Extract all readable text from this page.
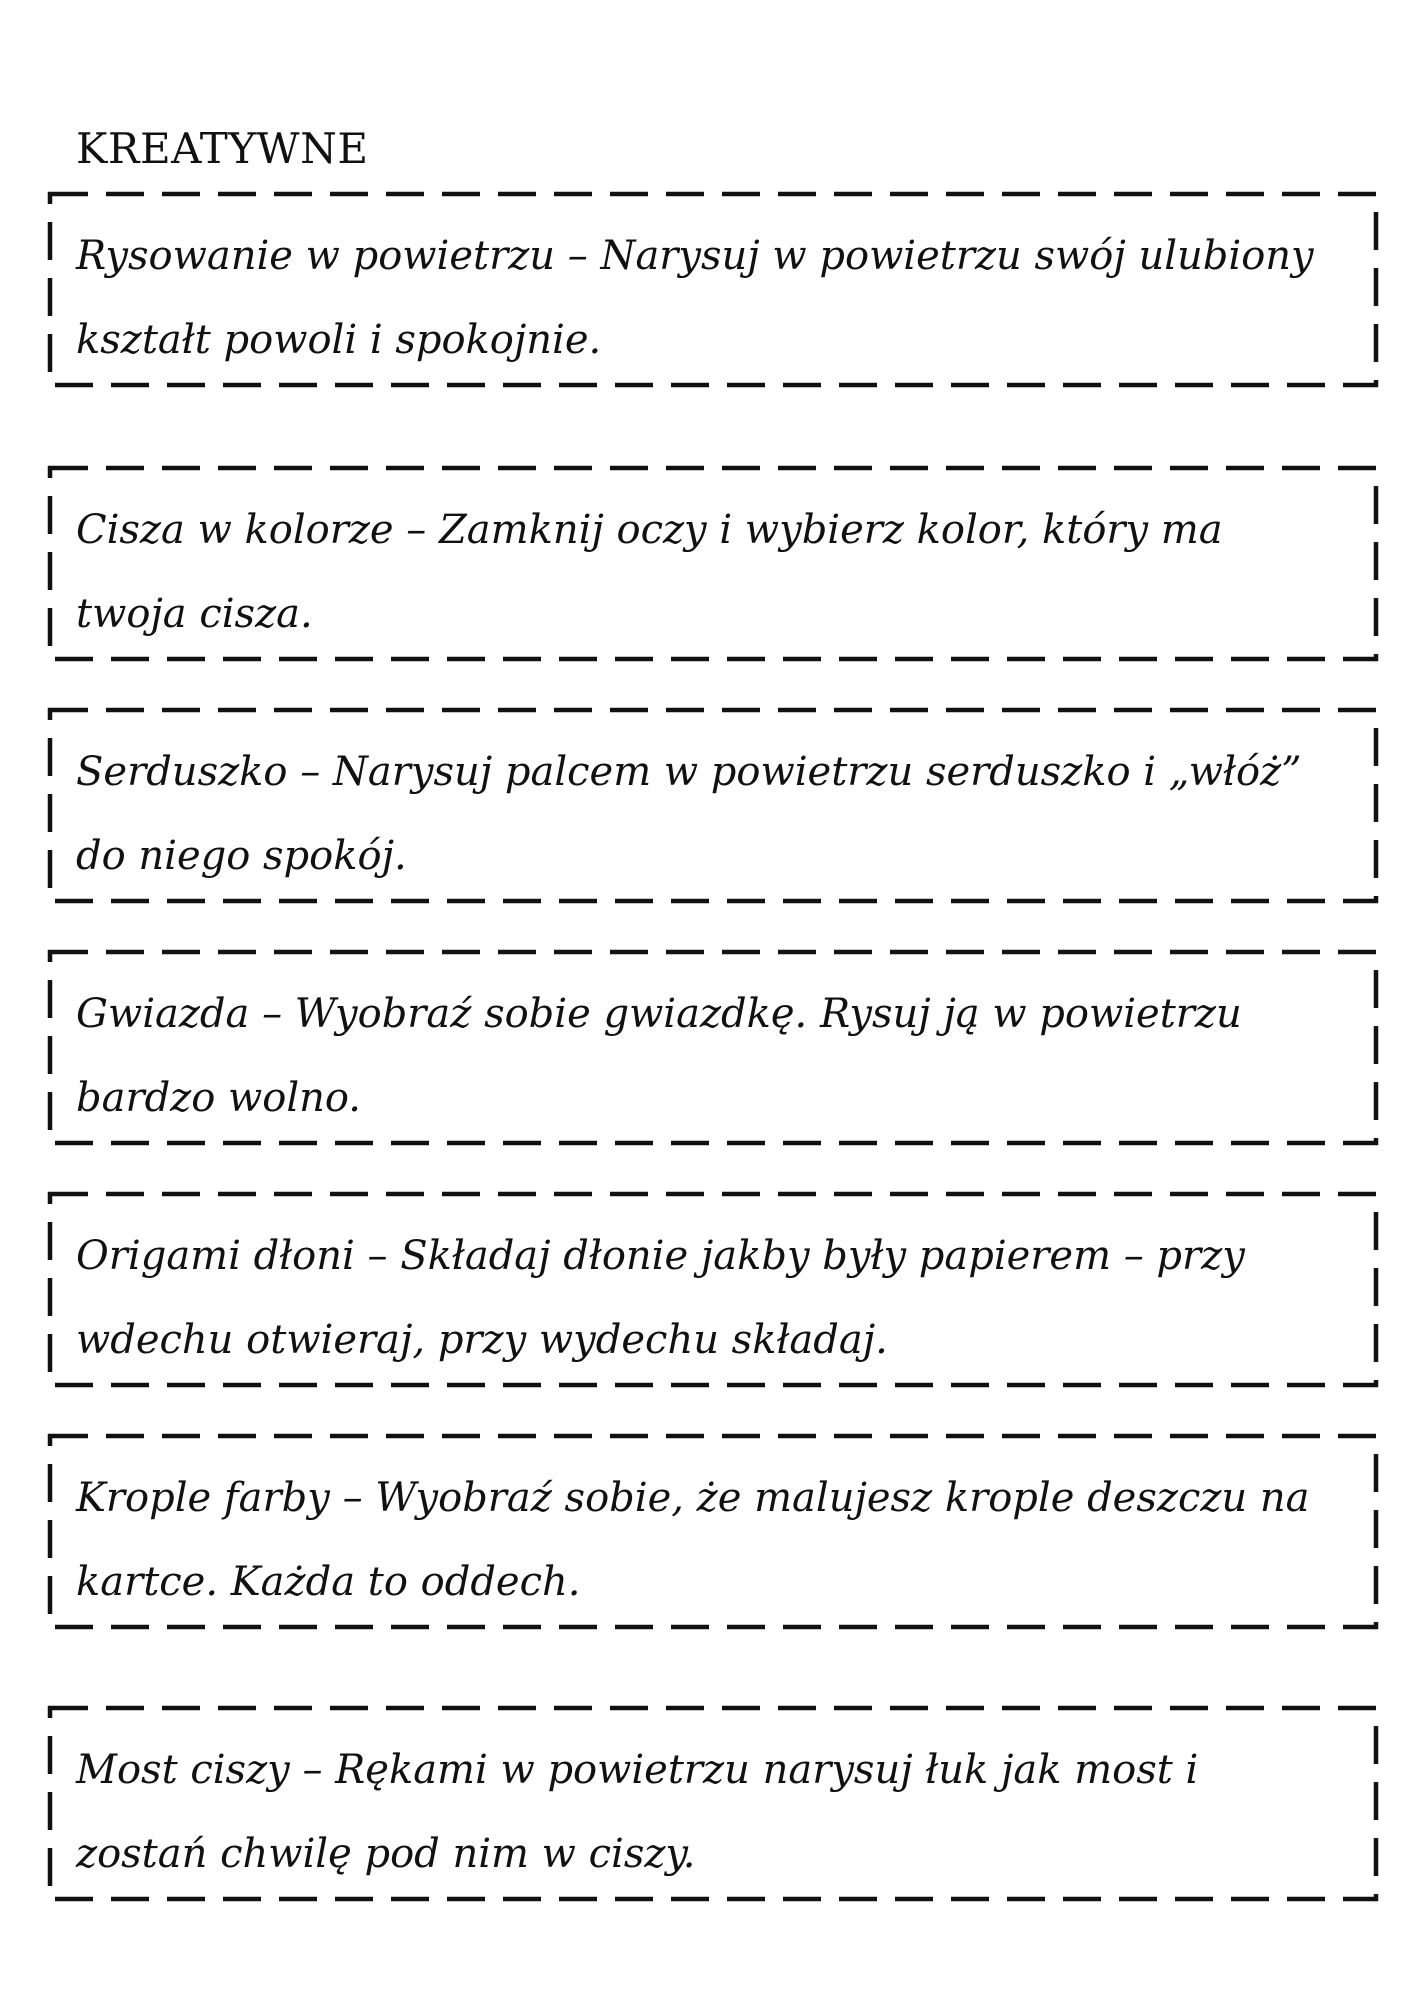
KREATYWNE

Rysowanie w powietrzu – Narysuj w powietrzu swój ulubiony kształt powoli i spokojnie.

Cisza w kolorze – Zamknij oczy i wybierz kolor, który ma twoja cisza.

Serduszko – Narysuj palcem w powietrzu serduszko i „włóż” do niego spokój.

Gwiazda – Wyobraź sobie gwiazdkę. Rysuj ją w powietrzu bardzo wolno.

Origami dłoni – Składaj dłonie jakby były papierem – przy wdechu otwieraj, przy wydechu składaj.

Krople farby – Wyobraź sobie, że malujesz krople deszczu na kartce. Każda to oddech.

Most ciszy – Rękami w powietrzu narysuj łuk jak most i zostań chwilę pod nim w ciszy.
